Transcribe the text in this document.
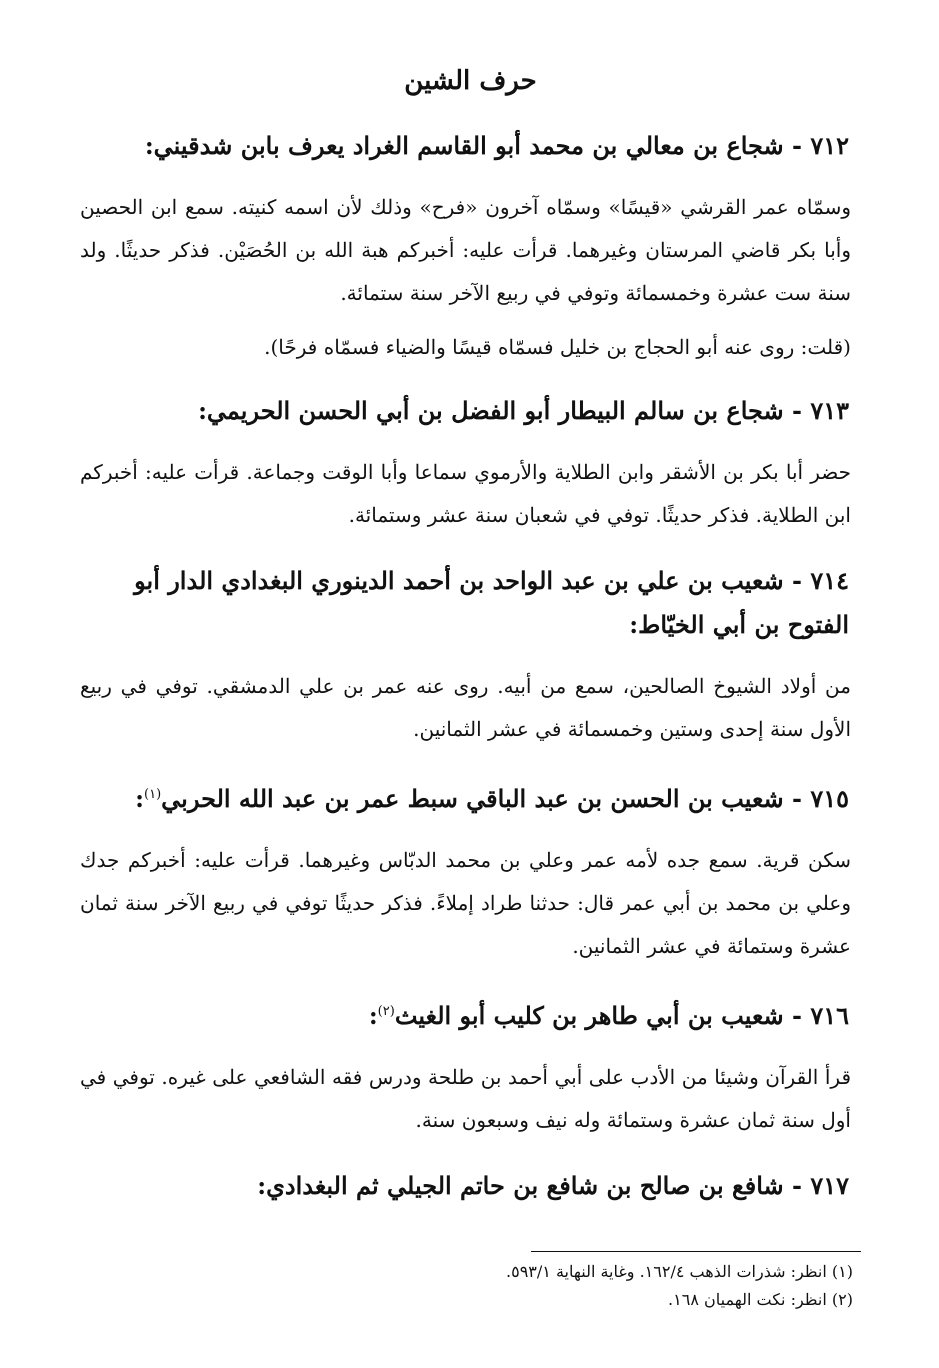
حرف الشين
٧١٢ - شجاع بن معالي بن محمد أبو القاسم الغراد يعرف بابن شدقيني:

وسمّاه عمر القرشي «قيسًا» وسمّاه آخرون «فرح» وذلك لأن اسمه كنيته. سمع ابن الحصين وأبا بكر قاضي المرستان وغيرهما. قرأت عليه: أخبركم هبة الله بن الحُصَيْن. فذكر حديثًا. ولد سنة ست عشرة وخمسمائة وتوفي في ربيع الآخر سنة ستمائة.

(قلت: روى عنه أبو الحجاج بن خليل فسمّاه قيسًا والضياء فسمّاه فرحًا).

٧١٣ - شجاع بن سالم البيطار أبو الفضل بن أبي الحسن الحريمي:

حضر أبا بكر بن الأشقر وابن الطلاية والأرموي سماعا وأبا الوقت وجماعة. قرأت عليه: أخبركم ابن الطلاية. فذكر حديثًا. توفي في شعبان سنة عشر وستمائة.

٧١٤ - شعيب بن علي بن عبد الواحد بن أحمد الدينوري البغدادي الدار أبو الفتوح بن أبي الخيّاط:

من أولاد الشيوخ الصالحين، سمع من أبيه. روى عنه عمر بن علي الدمشقي. توفي في ربيع الأول سنة إحدى وستين وخمسمائة في عشر الثمانين.

٧١٥ - شعيب بن الحسن بن عبد الباقي سبط عمر بن عبد الله الحربي$^{(١)}$:

سكن قرية. سمع جده لأمه عمر وعلي بن محمد الدبّاس وغيرهما. قرأت عليه: أخبركم جدك وعلي بن محمد بن أبي عمر قال: حدثنا طراد إملاءً. فذكر حديثًا توفي في ربيع الآخر سنة ثمان عشرة وستمائة في عشر الثمانين.

٧١٦ - شعيب بن أبي طاهر بن كليب أبو الغيث$^{(٢)}$:

قرأ القرآن وشيئا من الأدب على أبي أحمد بن طلحة ودرس فقه الشافعي على غيره. توفي في أول سنة ثمان عشرة وستمائة وله نيف وسبعون سنة.

٧١٧ - شافع بن صالح بن شافع بن حاتم الجيلي ثم البغدادي:

(١) انظر: شذرات الذهب ١٦٢/٤. وغاية النهاية ٥٩٣/١.

(٢) انظر: نكت الهميان ١٦٨.
